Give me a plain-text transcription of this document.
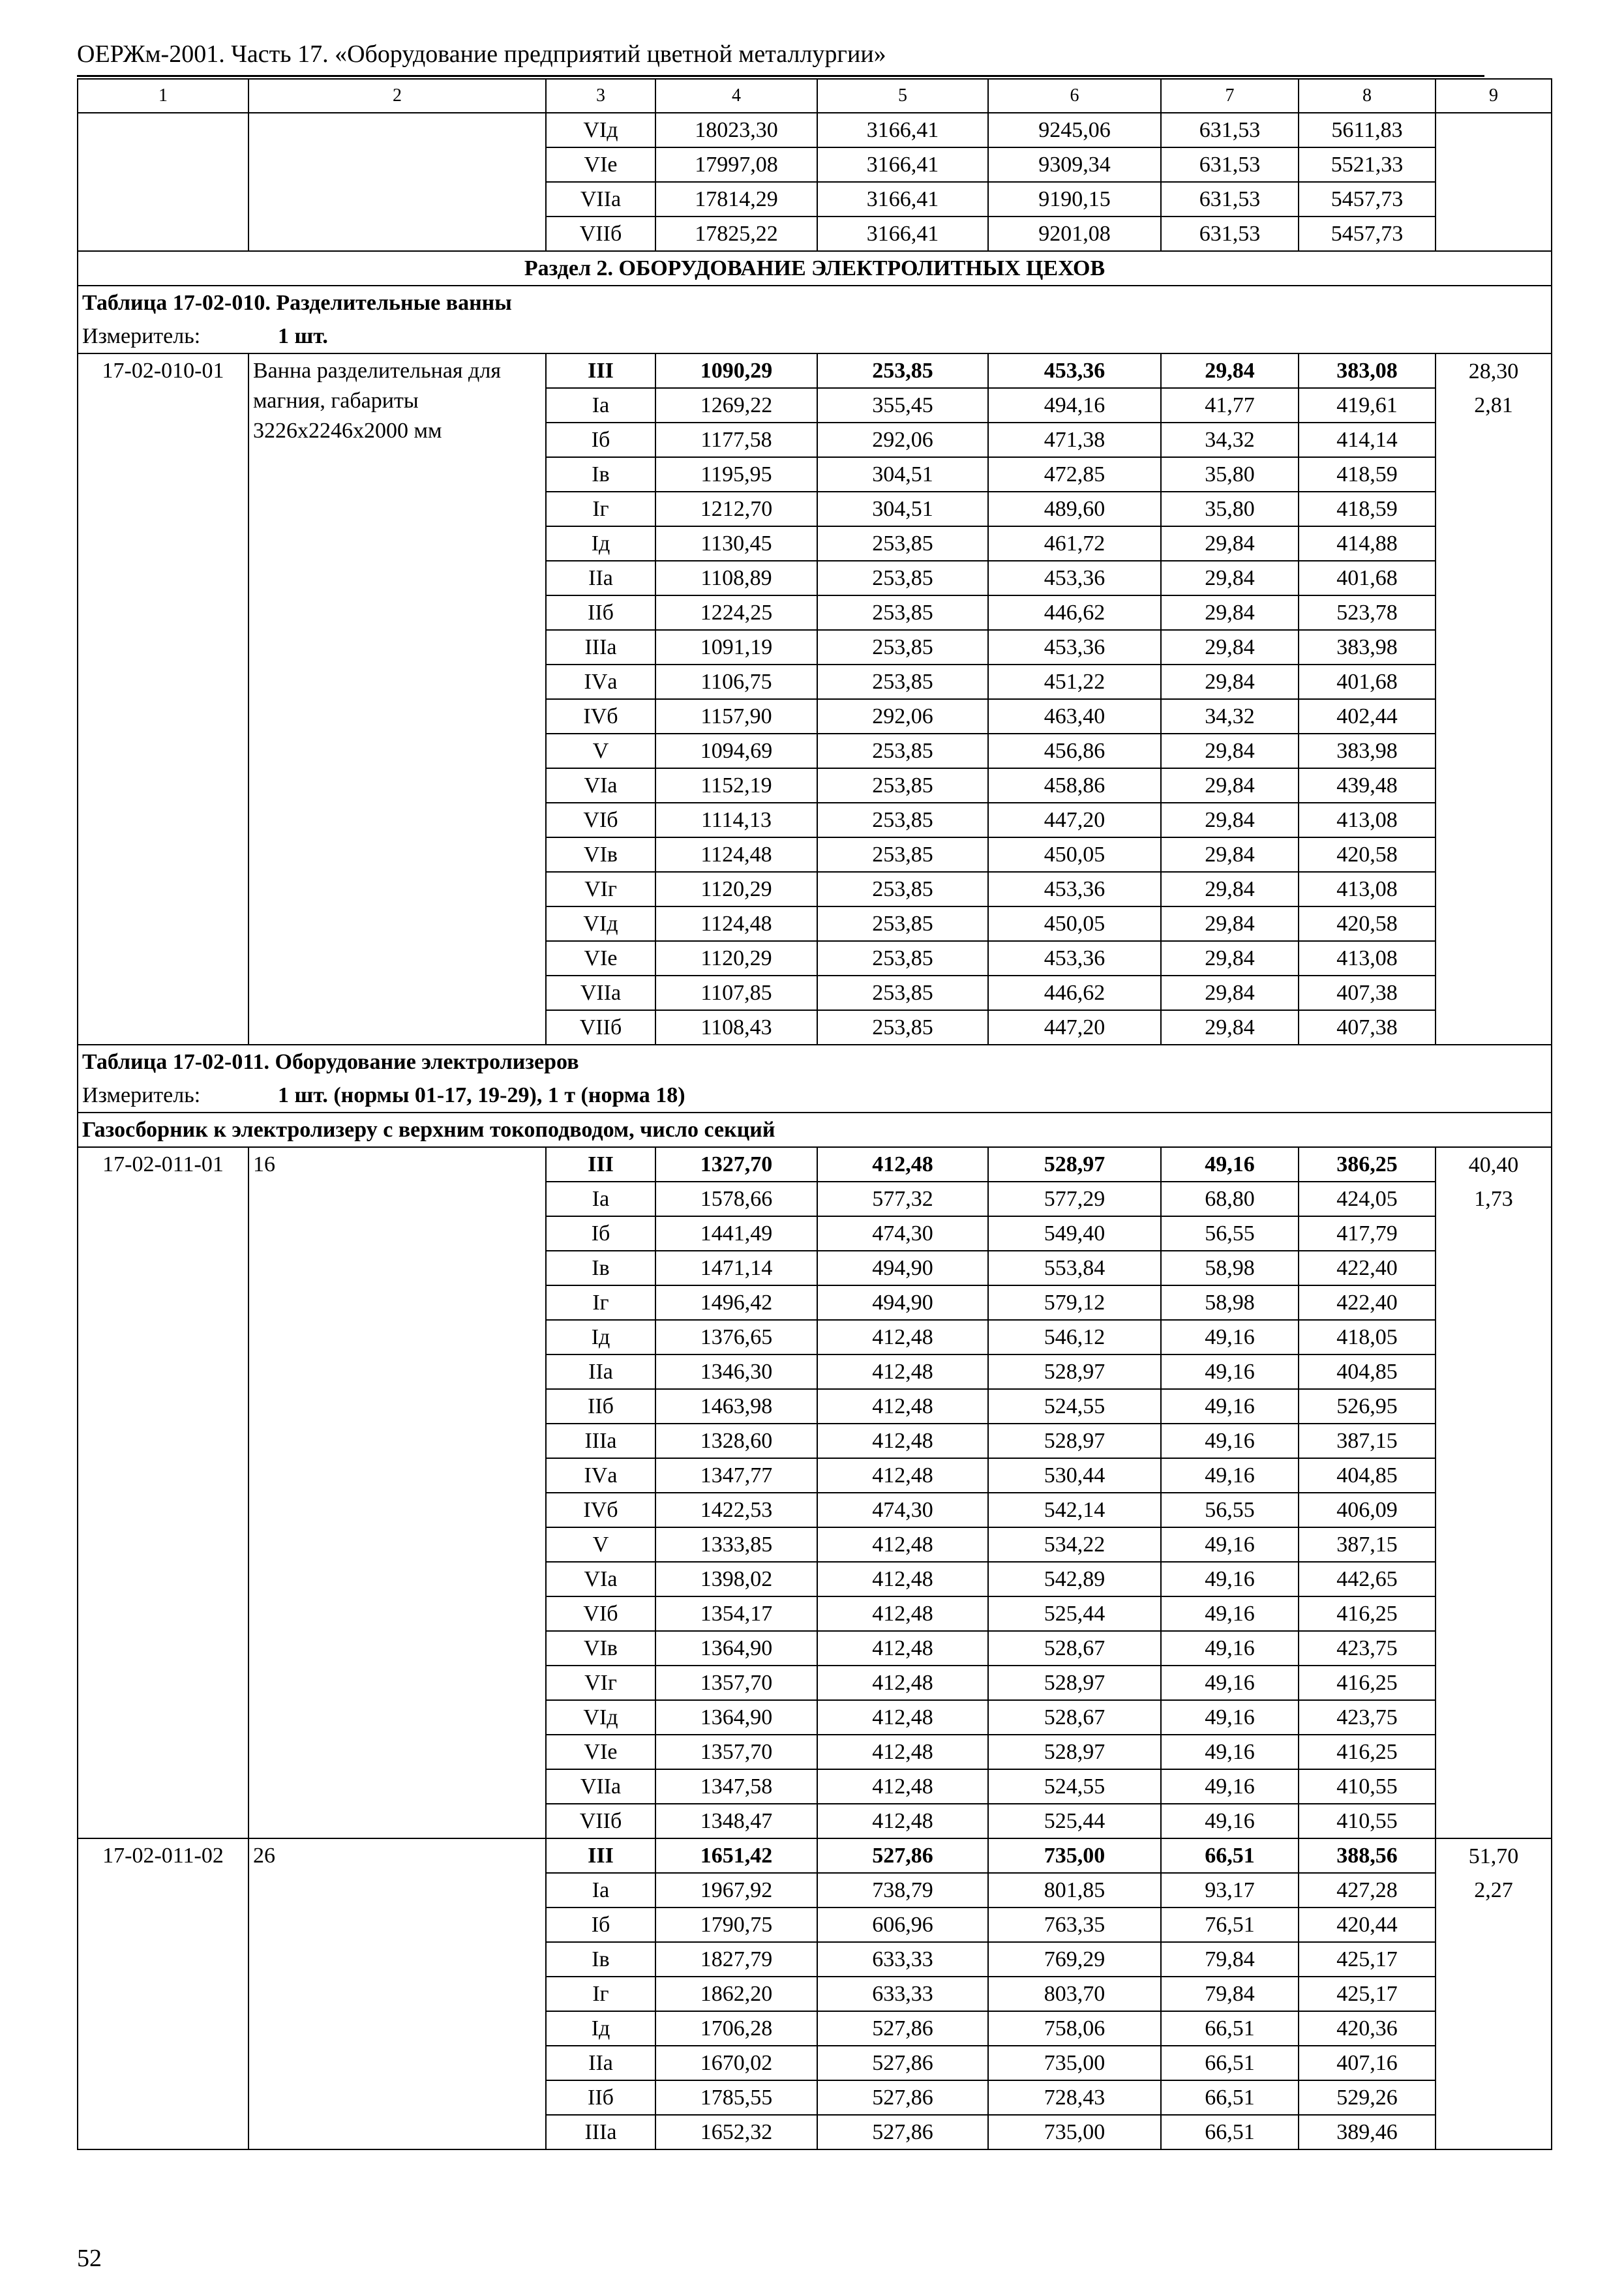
ОЕРЖм-2001. Часть 17. «Оборудование предприятий цветной металлургии»
1	2	3	4	5	6	7	8	9
		VIд	18023,30	3166,41	9245,06	631,53	5611,83	
		VIе	17997,08	3166,41	9309,34	631,53	5521,33	
		VIIа	17814,29	3166,41	9190,15	631,53	5457,73	
		VIIб	17825,22	3166,41	9201,08	631,53	5457,73	
Раздел 2. ОБОРУДОВАНИЕ ЭЛЕКТРОЛИТНЫХ ЦЕХОВ								
Таблица 17-02-010. Разделительные ванны								
Измеритель: 1 шт.								
17-02-010-01	Ванна разделительная для магния, габариты 3226х2246х2000 мм	III	1090,29	253,85	453,36	29,84	383,08	28,30
		Iа	1269,22	355,45	494,16	41,77	419,61	2,81
		Iб	1177,58	292,06	471,38	34,32	414,14	
		Iв	1195,95	304,51	472,85	35,80	418,59	
		Iг	1212,70	304,51	489,60	35,80	418,59	
		Iд	1130,45	253,85	461,72	29,84	414,88	
		IIа	1108,89	253,85	453,36	29,84	401,68	
		IIб	1224,25	253,85	446,62	29,84	523,78	
		IIIа	1091,19	253,85	453,36	29,84	383,98	
		IVа	1106,75	253,85	451,22	29,84	401,68	
		IVб	1157,90	292,06	463,40	34,32	402,44	
		V	1094,69	253,85	456,86	29,84	383,98	
		VIа	1152,19	253,85	458,86	29,84	439,48	
		VIб	1114,13	253,85	447,20	29,84	413,08	
		VIв	1124,48	253,85	450,05	29,84	420,58	
		VIг	1120,29	253,85	453,36	29,84	413,08	
		VIд	1124,48	253,85	450,05	29,84	420,58	
		VIе	1120,29	253,85	453,36	29,84	413,08	
		VIIа	1107,85	253,85	446,62	29,84	407,38	
		VIIб	1108,43	253,85	447,20	29,84	407,38	
Таблица 17-02-011. Оборудование электролизеров								
Измеритель: 1 шт. (нормы 01-17, 19-29), 1 т (норма 18)								
Газосборник к электролизеру с верхним токоподводом, число секций								
17-02-011-01	16	III	1327,70	412,48	528,97	49,16	386,25	40,40
		Iа	1578,66	577,32	577,29	68,80	424,05	1,73
		Iб	1441,49	474,30	549,40	56,55	417,79	
		Iв	1471,14	494,90	553,84	58,98	422,40	
		Iг	1496,42	494,90	579,12	58,98	422,40	
		Iд	1376,65	412,48	546,12	49,16	418,05	
		IIа	1346,30	412,48	528,97	49,16	404,85	
		IIб	1463,98	412,48	524,55	49,16	526,95	
		IIIа	1328,60	412,48	528,97	49,16	387,15	
		IVа	1347,77	412,48	530,44	49,16	404,85	
		IVб	1422,53	474,30	542,14	56,55	406,09	
		V	1333,85	412,48	534,22	49,16	387,15	
		VIа	1398,02	412,48	542,89	49,16	442,65	
		VIб	1354,17	412,48	525,44	49,16	416,25	
		VIв	1364,90	412,48	528,67	49,16	423,75	
		VIг	1357,70	412,48	528,97	49,16	416,25	
		VIд	1364,90	412,48	528,67	49,16	423,75	
		VIе	1357,70	412,48	528,97	49,16	416,25	
		VIIа	1347,58	412,48	524,55	49,16	410,55	
		VIIб	1348,47	412,48	525,44	49,16	410,55	
17-02-011-02	26	III	1651,42	527,86	735,00	66,51	388,56	51,70
		Iа	1967,92	738,79	801,85	93,17	427,28	2,27
		Iб	1790,75	606,96	763,35	76,51	420,44	
		Iв	1827,79	633,33	769,29	79,84	425,17	
		Iг	1862,20	633,33	803,70	79,84	425,17	
		Iд	1706,28	527,86	758,06	66,51	420,36	
		IIа	1670,02	527,86	735,00	66,51	407,16	
		IIб	1785,55	527,86	728,43	66,51	529,26	
		IIIа	1652,32	527,86	735,00	66,51	389,46	
52
